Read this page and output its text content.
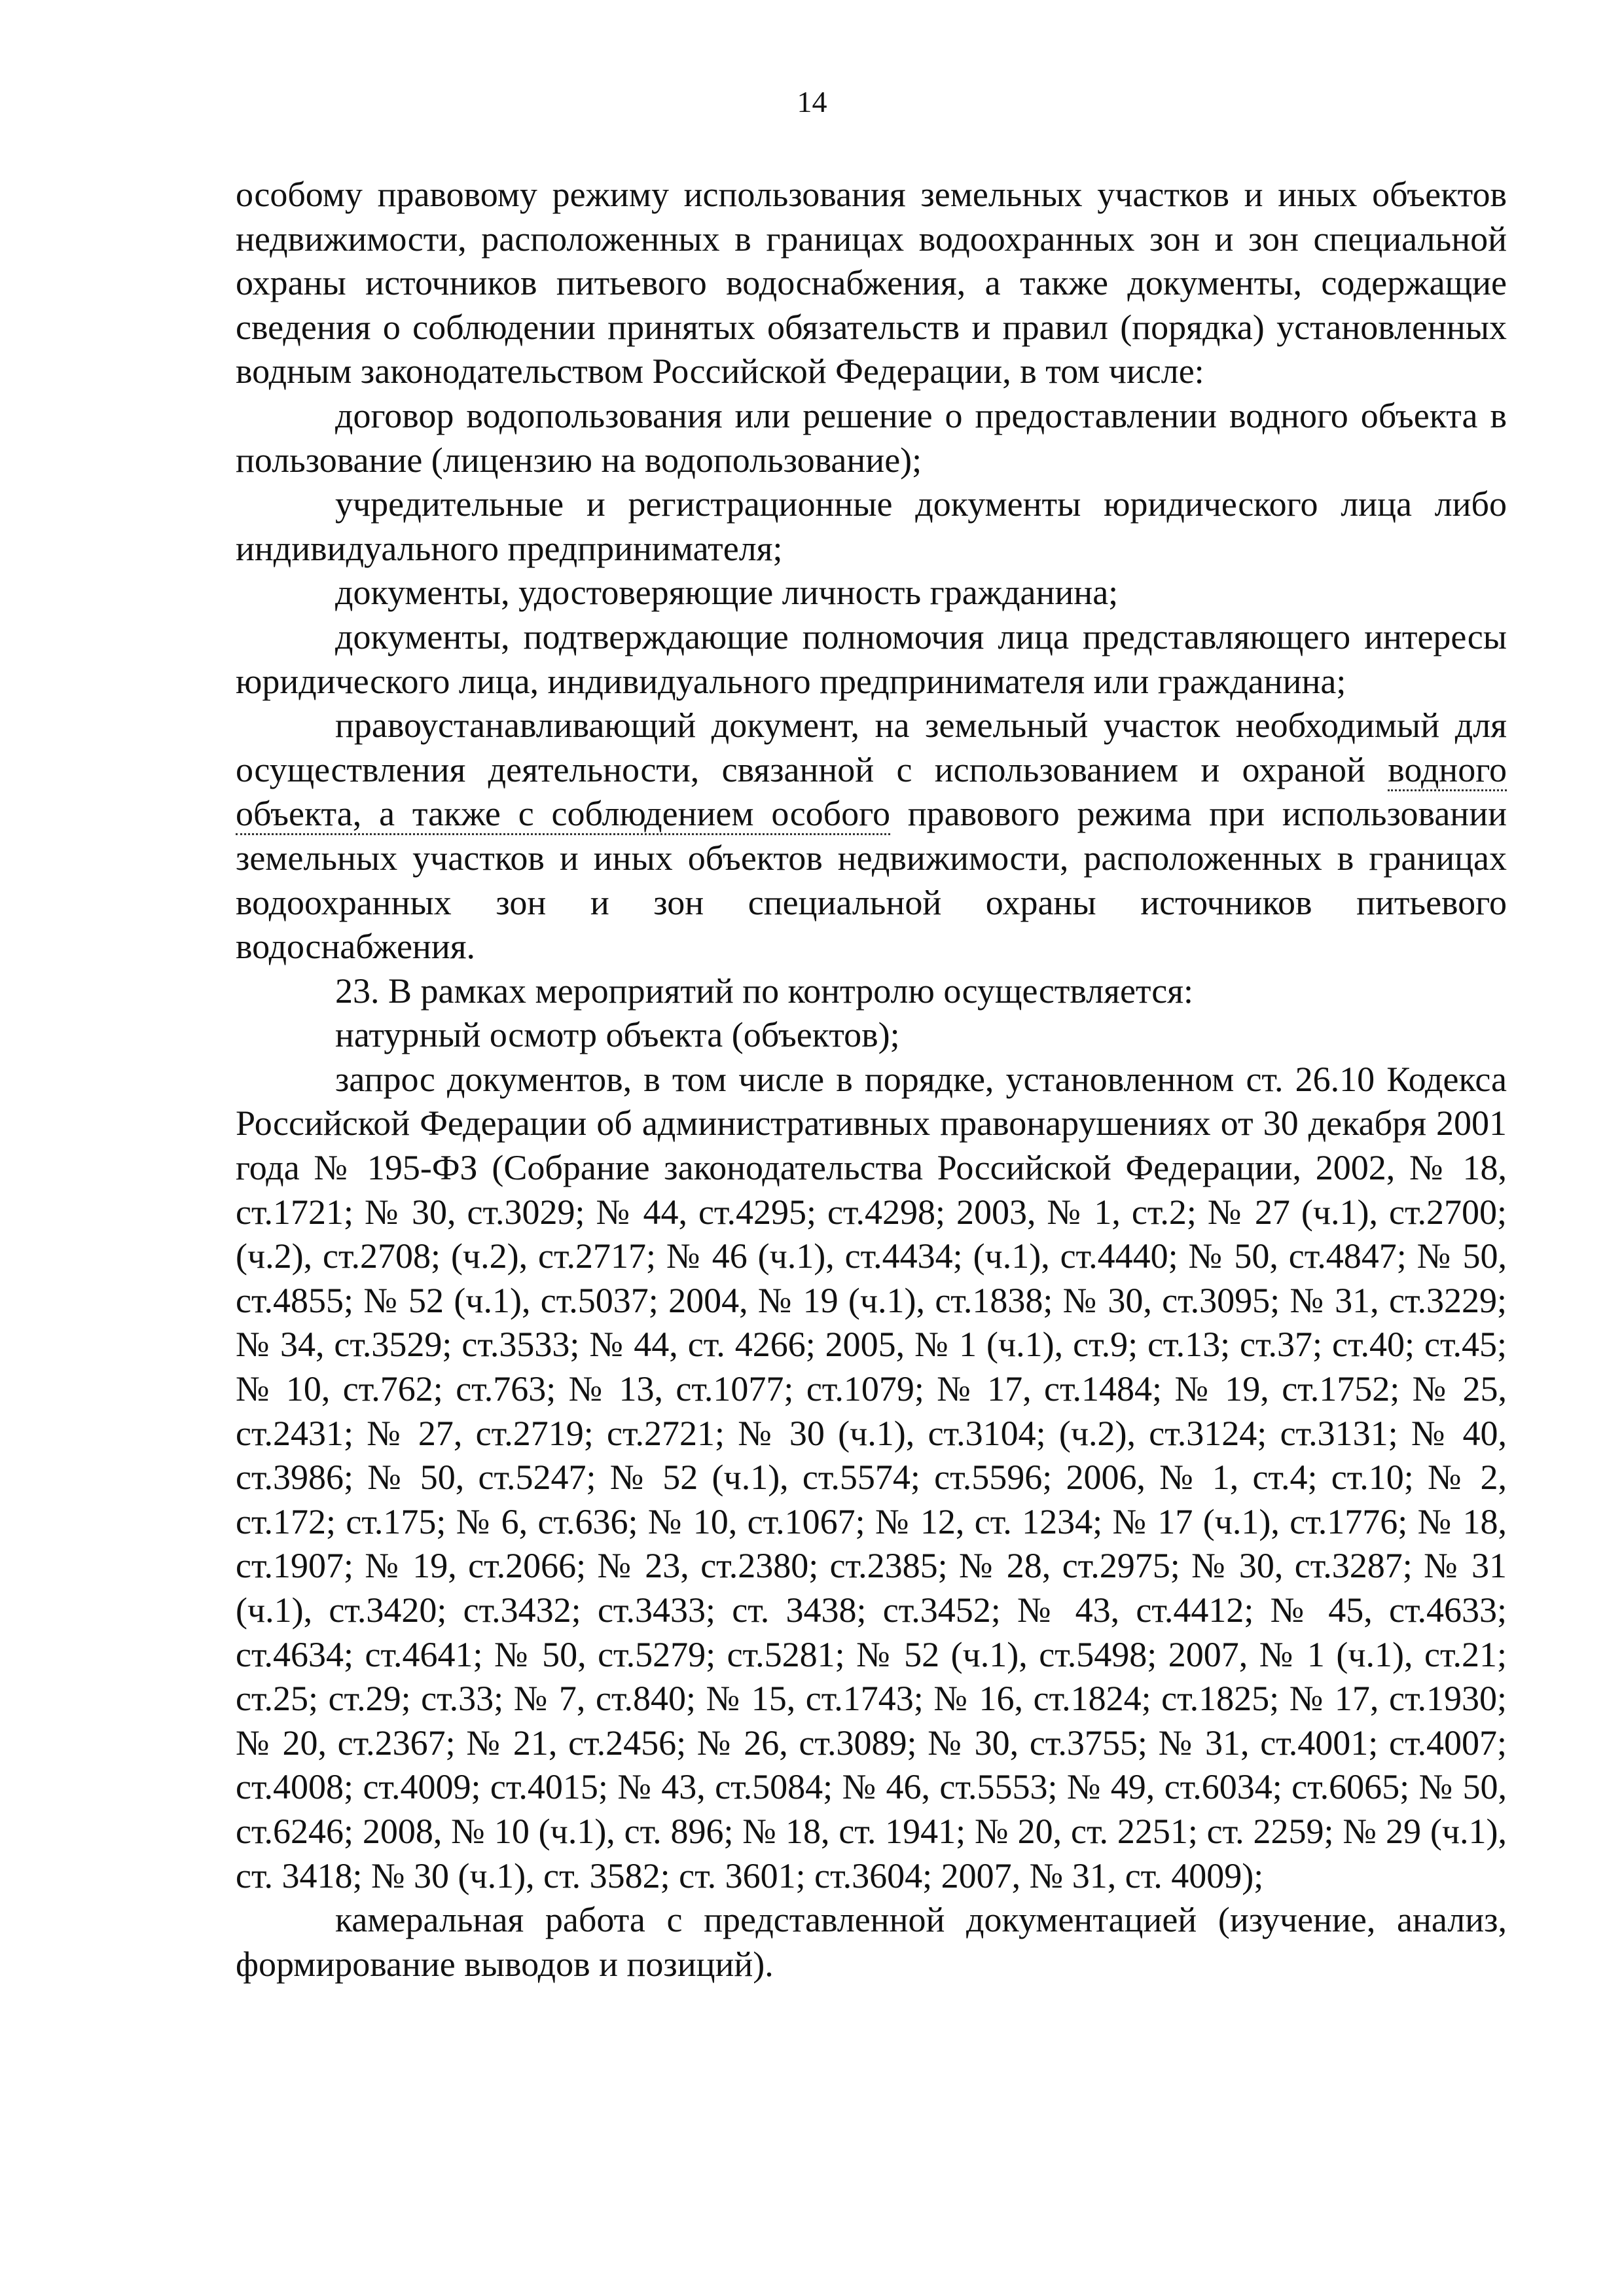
14

особому правовому режиму использования земельных участков и иных объектов недвижимости, расположенных в границах водоохранных зон и зон специальной охраны источников питьевого водоснабжения, а также документы, содержащие сведения о соблюдении принятых обязательств и правил (порядка) установленных водным законодательством Российской Федерации, в том числе:

договор водопользования или решение о предоставлении водного объекта в пользование (лицензию на водопользование);

учредительные и регистрационные документы юридического лица либо индивидуального предпринимателя;

документы, удостоверяющие личность гражданина;

документы, подтверждающие полномочия лица представляющего интересы юридического лица, индивидуального предпринимателя или гражданина;

правоустанавливающий документ, на земельный участок необходимый для осуществления деятельности, связанной с использованием и охраной водного объекта, а также с соблюдением особого правового режима при использовании земельных участков и иных объектов недвижимости, расположенных в границах водоохранных зон и зон специальной охраны источников питьевого водоснабжения.

23. В рамках мероприятий по контролю осуществляется:

натурный осмотр объекта (объектов);

запрос документов, в том числе в порядке, установленном ст. 26.10 Кодекса Российской Федерации об административных правонарушениях от 30 декабря 2001 года № 195-ФЗ (Собрание законодательства Российской Федерации, 2002, № 18, ст.1721; № 30, ст.3029; № 44, ст.4295; ст.4298; 2003, № 1, ст.2; № 27 (ч.1), ст.2700; (ч.2), ст.2708; (ч.2), ст.2717; № 46 (ч.1), ст.4434; (ч.1), ст.4440; № 50, ст.4847; № 50, ст.4855; № 52 (ч.1), ст.5037; 2004, № 19 (ч.1), ст.1838; № 30, ст.3095; № 31, ст.3229; № 34, ст.3529; ст.3533; № 44, ст. 4266; 2005, № 1 (ч.1), ст.9; ст.13; ст.37; ст.40; ст.45; № 10, ст.762; ст.763; № 13, ст.1077; ст.1079; № 17, ст.1484; № 19, ст.1752; № 25, ст.2431; № 27, ст.2719; ст.2721; № 30 (ч.1), ст.3104; (ч.2), ст.3124; ст.3131; № 40, ст.3986; № 50, ст.5247; № 52 (ч.1), ст.5574; ст.5596; 2006, № 1, ст.4; ст.10; № 2, ст.172; ст.175; № 6, ст.636; № 10, ст.1067; № 12, ст. 1234; № 17 (ч.1), ст.1776; № 18, ст.1907; № 19, ст.2066; № 23, ст.2380; ст.2385; № 28, ст.2975; № 30, ст.3287; № 31 (ч.1), ст.3420; ст.3432; ст.3433; ст. 3438; ст.3452; № 43, ст.4412; № 45, ст.4633; ст.4634; ст.4641; № 50, ст.5279; ст.5281; № 52 (ч.1), ст.5498; 2007, № 1 (ч.1), ст.21; ст.25; ст.29; ст.33; № 7, ст.840; № 15, ст.1743; № 16, ст.1824; ст.1825; № 17, ст.1930; № 20, ст.2367; № 21, ст.2456; № 26, ст.3089; № 30, ст.3755; № 31, ст.4001; ст.4007; ст.4008; ст.4009; ст.4015; № 43, ст.5084; № 46, ст.5553; № 49, ст.6034; ст.6065; № 50, ст.6246; 2008, № 10 (ч.1), ст. 896; № 18, ст. 1941; № 20, ст. 2251; ст. 2259; № 29 (ч.1), ст. 3418; № 30 (ч.1), ст. 3582; ст. 3601; ст.3604; 2007, № 31, ст. 4009);

камеральная работа с представленной документацией (изучение, анализ, формирование выводов и позиций).
